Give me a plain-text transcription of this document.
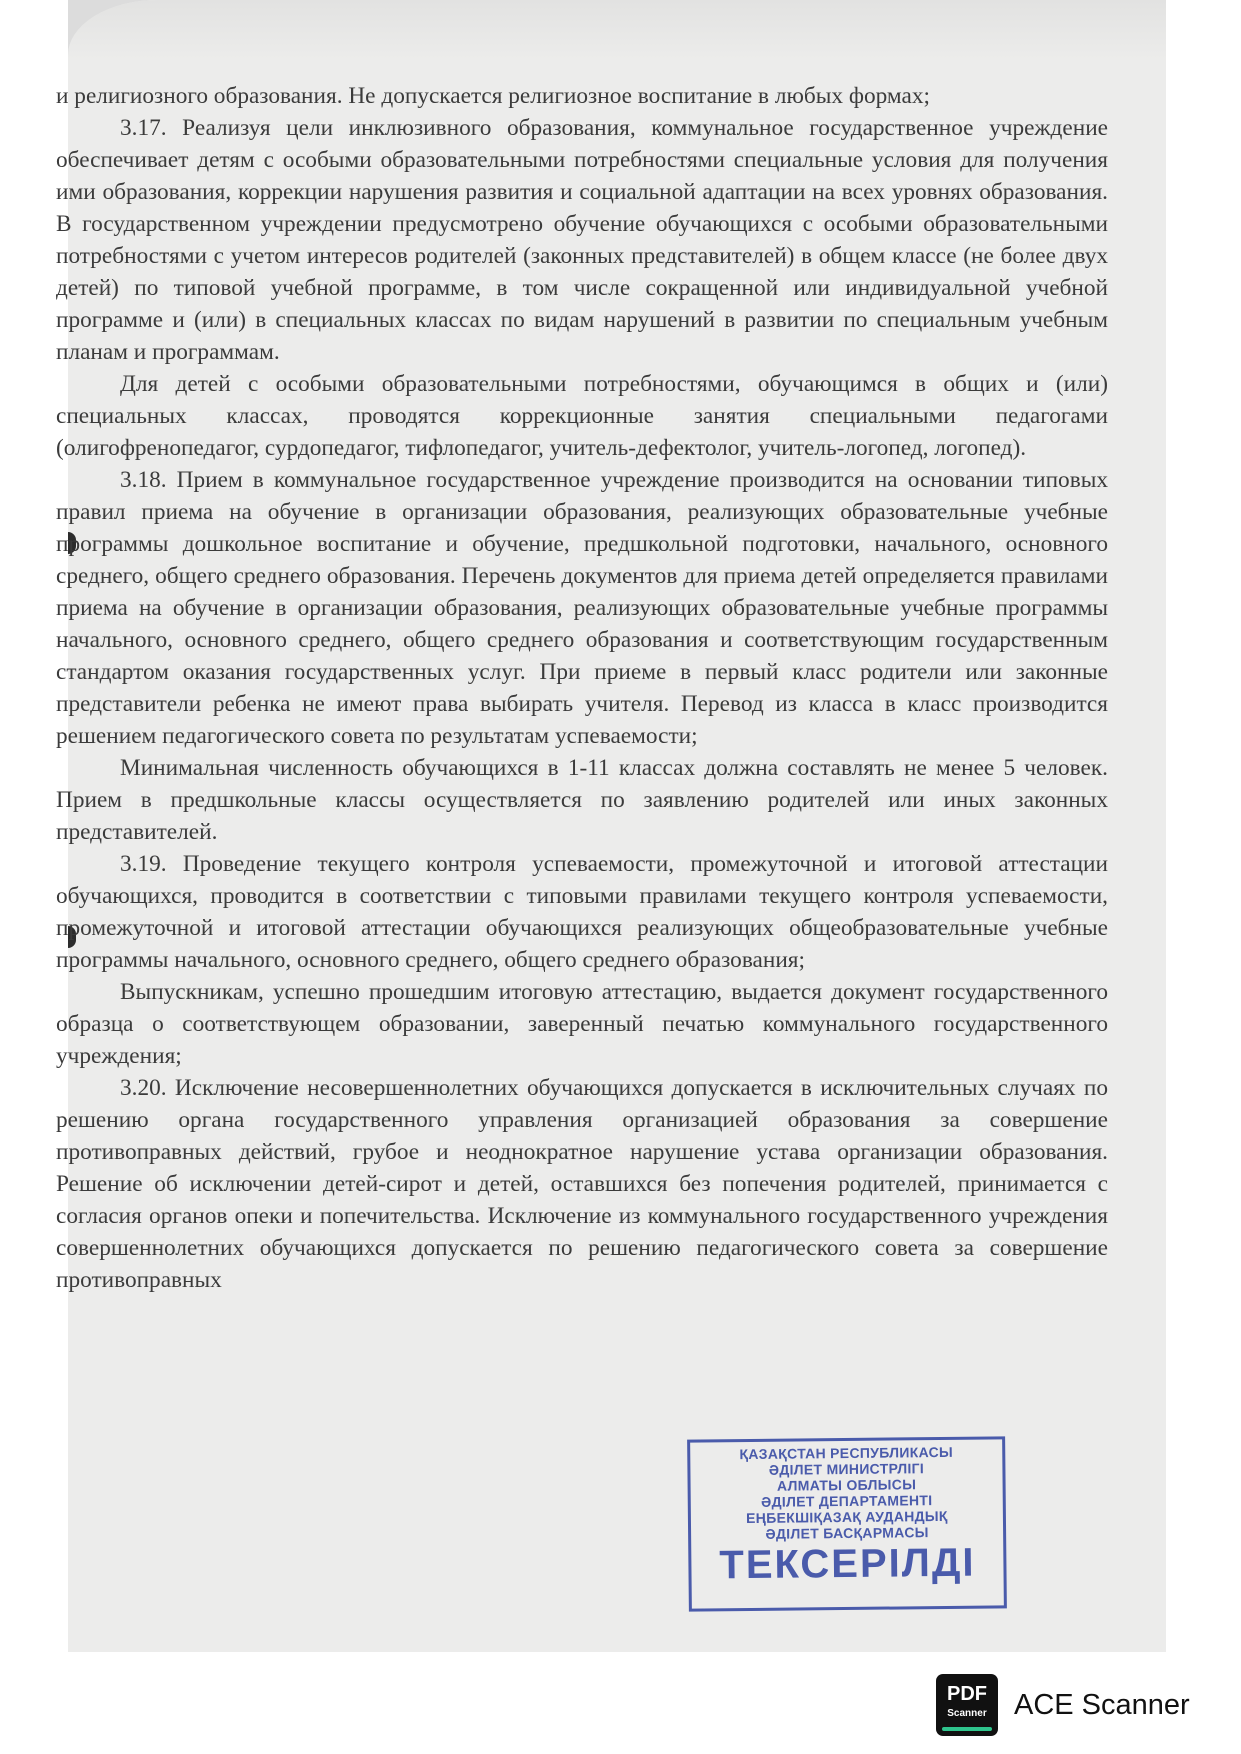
и религиозного образования. Не допускается религиозное воспитание в любых формах;

3.17. Реализуя цели инклюзивного образования, коммунальное государственное учреждение обеспечивает детям с особыми образовательными потребностями специальные условия для получения ими образования, коррекции нарушения развития и социальной адаптации на всех уровнях образования. В государственном учреждении предусмотрено обучение обучающихся с особыми образовательными потребностями с учетом интересов родителей (законных представителей) в общем классе (не более двух детей) по типовой учебной программе, в том числе сокращенной или индивидуальной учебной программе и (или) в специальных классах по видам нарушений в развитии по специальным учебным планам и программам.

Для детей с особыми образовательными потребностями, обучающимся в общих и (или) специальных классах, проводятся коррекционные занятия специальными педагогами (олигофренопедагог, сурдопедагог, тифлопедагог, учитель-дефектолог, учитель-логопед, логопед).

3.18. Прием в коммунальное государственное учреждение производится на основании типовых правил приема на обучение в организации образования, реализующих образовательные учебные программы дошкольное воспитание и обучение, предшкольной подготовки, начального, основного среднего, общего среднего образования. Перечень документов для приема детей определяется правилами приема на обучение в организации образования, реализующих образовательные учебные программы начального, основного среднего, общего среднего образования и соответствующим государственным стандартом оказания государственных услуг. При приеме в первый класс родители или законные представители ребенка не имеют права выбирать учителя. Перевод из класса в класс производится решением педагогического совета по результатам успеваемости;

Минимальная численность обучающихся в 1-11 классах должна составлять не менее 5 человек. Прием в предшкольные классы осуществляется по заявлению родителей или иных законных представителей.

3.19. Проведение текущего контроля успеваемости, промежуточной и итоговой аттестации обучающихся, проводится в соответствии с типовыми правилами текущего контроля успеваемости, промежуточной и итоговой аттестации обучающихся реализующих общеобразовательные учебные программы начального, основного среднего, общего среднего образования;

Выпускникам, успешно прошедшим итоговую аттестацию, выдается документ государственного образца о соответствующем образовании, заверенный печатью коммунального государственного учреждения;

3.20. Исключение несовершеннолетних обучающихся допускается в исключительных случаях по решению органа государственного управления организацией образования за совершение противоправных действий, грубое и неоднократное нарушение устава организации образования. Решение об исключении детей-сирот и детей, оставшихся без попечения родителей, принимается с согласия органов опеки и попечительства. Исключение из коммунального государственного учреждения совершеннолетних обучающихся допускается по решению педагогического совета за совершение противоправных

ҚАЗАҚСТАН РЕСПУБЛИКАСЫ
ӘДІЛЕТ МИНИСТРЛІГІ
АЛМАТЫ ОБЛЫСЫ
ӘДІЛЕТ ДЕПАРТАМЕНТІ
ЕҢБЕКШІҚАЗАҚ АУДАНДЫҚ
ӘДІЛЕТ БАСҚАРМАСЫ
ТЕКСЕРІЛДІ
PDF
Scanner ACE Scanner
